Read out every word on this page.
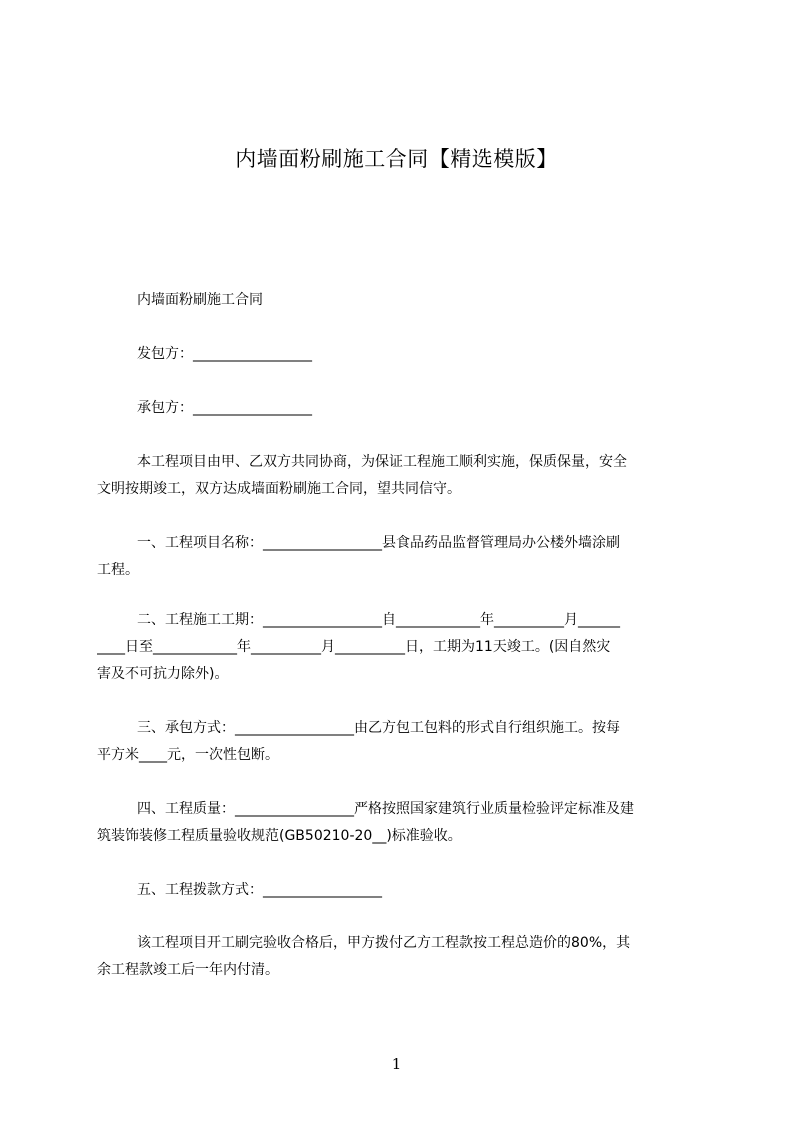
内墙面粉刷施工合同【精选模版】
内墙面粉刷施工合同
发包方：_________________
承包方：_________________
本工程项目由甲、乙双方共同协商，为保证工程施工顺利实施，保质保量，安全
文明按期竣工，双方达成墙面粉刷施工合同，望共同信守。
一、工程项目名称：_________________县食品药品监督管理局办公楼外墙涂刷
工程。
二、工程施工工期：_________________自____________年__________月______
____日至____________年__________月__________日，工期为11天竣工。(因自然灾
害及不可抗力除外)。
三、承包方式：_________________由乙方包工包料的形式自行组织施工。按每
平方米____元，一次性包断。
四、工程质量：_________________严格按照国家建筑行业质量检验评定标准及建
筑装饰装修工程质量验收规范(GB50210-20__)标准验收。
五、工程拨款方式：_________________
该工程项目开工刷完验收合格后，甲方拨付乙方工程款按工程总造价的80%，其
余工程款竣工后一年内付清。
1
